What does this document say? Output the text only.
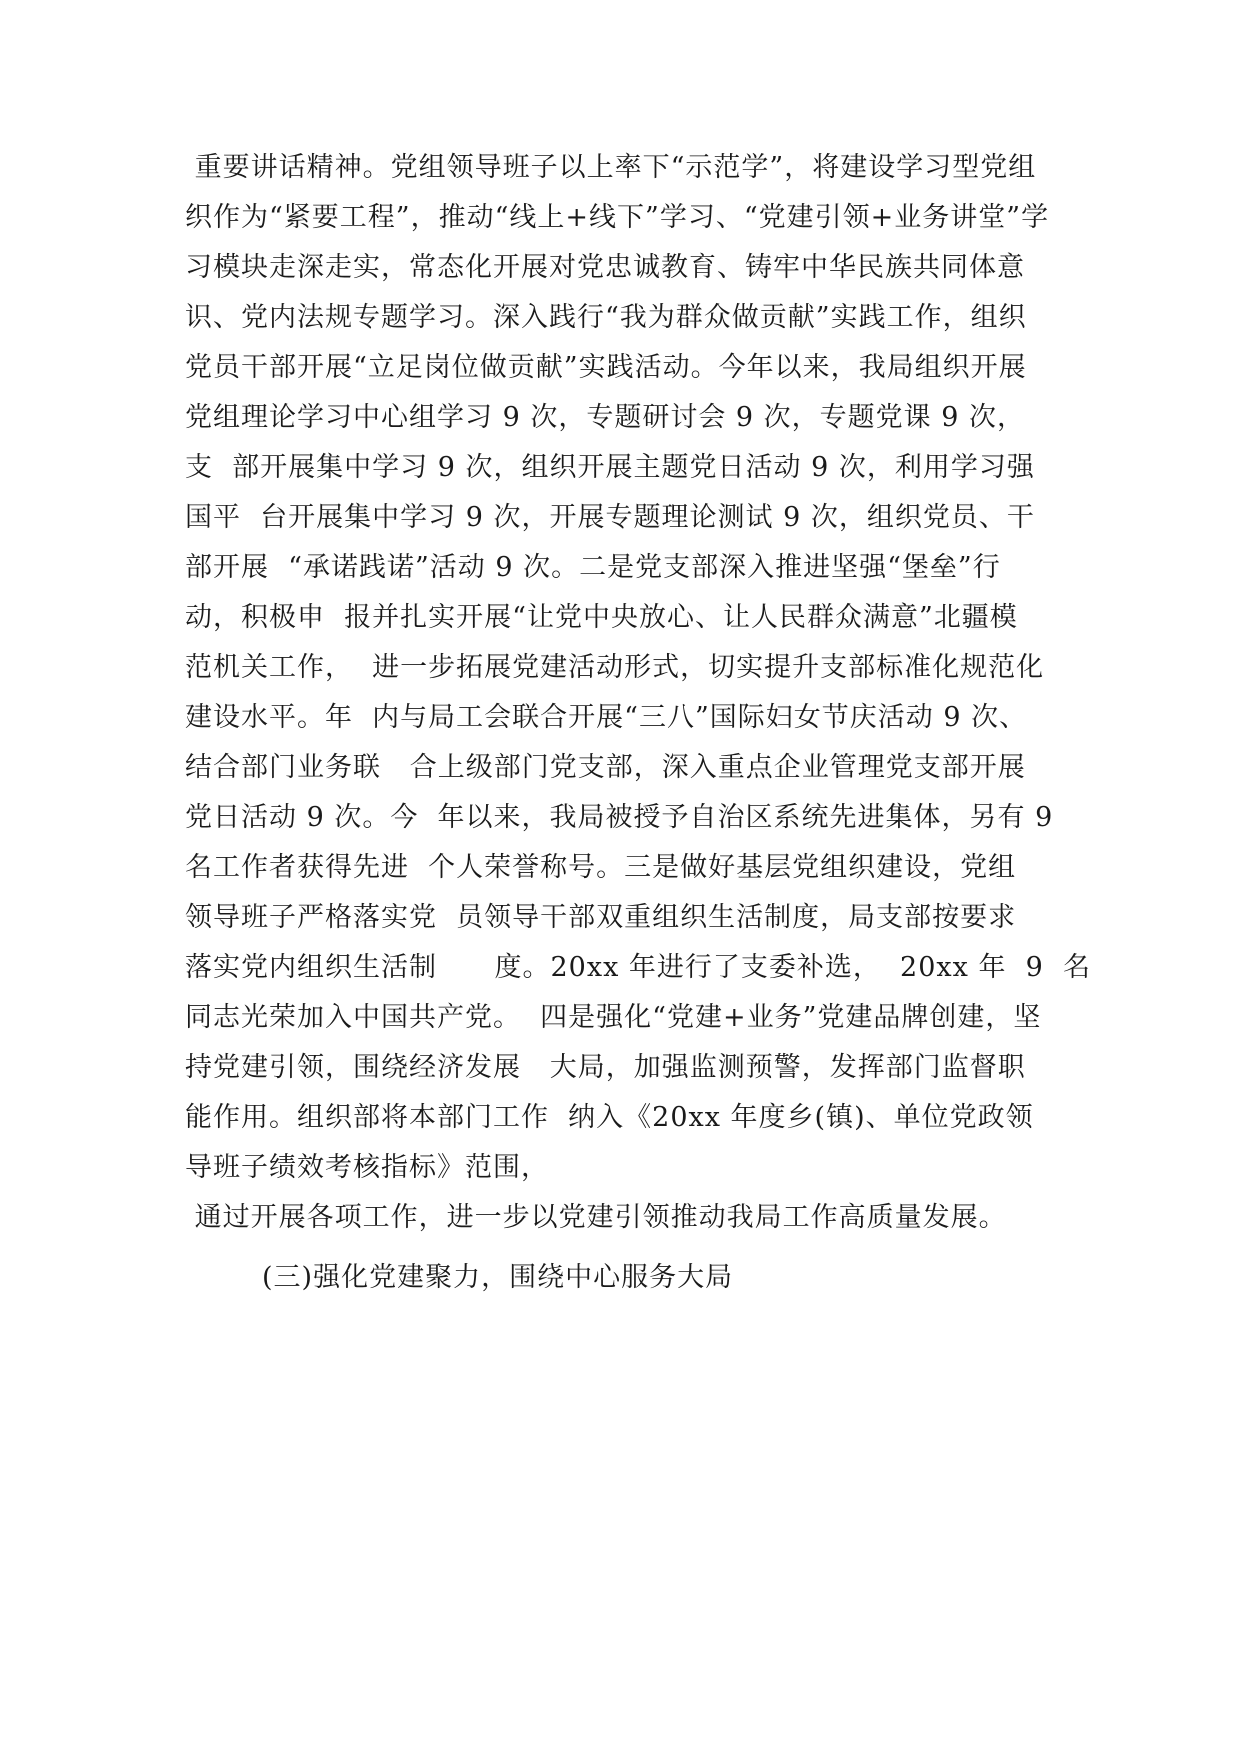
重要讲话精神。党组领导班子以上率下“示范学”，将建设学习型党组
织作为“紧要工程”，推动“线上+线下”学习、“党建引领+业务讲堂”学
习模块走深走实，常态化开展对党忠诚教育、铸牢中华民族共同体意
识、党内法规专题学习。深入践行“我为群众做贡献”实践工作，组织
党员干部开展“立足岗位做贡献”实践活动。今年以来，我局组织开展
党组理论学习中心组学习 9 次，专题研讨会 9 次，专题党课 9 次，
支  部开展集中学习 9 次，组织开展主题党日活动 9 次，利用学习强
国平  台开展集中学习 9 次，开展专题理论测试 9 次，组织党员、干
部开展  “承诺践诺”活动 9 次。二是党支部深入推进坚强“堡垒”行
动，积极申  报并扎实开展“让党中央放心、让人民群众满意”北疆模
范机关工作，  进一步拓展党建活动形式，切实提升支部标准化规范化
建设水平。年  内与局工会联合开展“三八”国际妇女节庆活动 9 次、
结合部门业务联   合上级部门党支部，深入重点企业管理党支部开展
党日活动 9 次。今  年以来，我局被授予自治区系统先进集体，另有 9
名工作者获得先进  个人荣誉称号。三是做好基层党组织建设，党组
领导班子严格落实党  员领导干部双重组织生活制度，局支部按要求
落实党内组织生活制      度。20xx 年进行了支委补选，  20xx 年  9  名
同志光荣加入中国共产党。  四是强化“党建+业务”党建品牌创建，坚
持党建引领，围绕经济发展   大局，加强监测预警，发挥部门监督职
能作用。组织部将本部门工作  纳入《20xx 年度乡(镇)、单位党政领
导班子绩效考核指标》范围，
通过开展各项工作，进一步以党建引领推动我局工作高质量发展。
(三)强化党建聚力，围绕中心服务大局
